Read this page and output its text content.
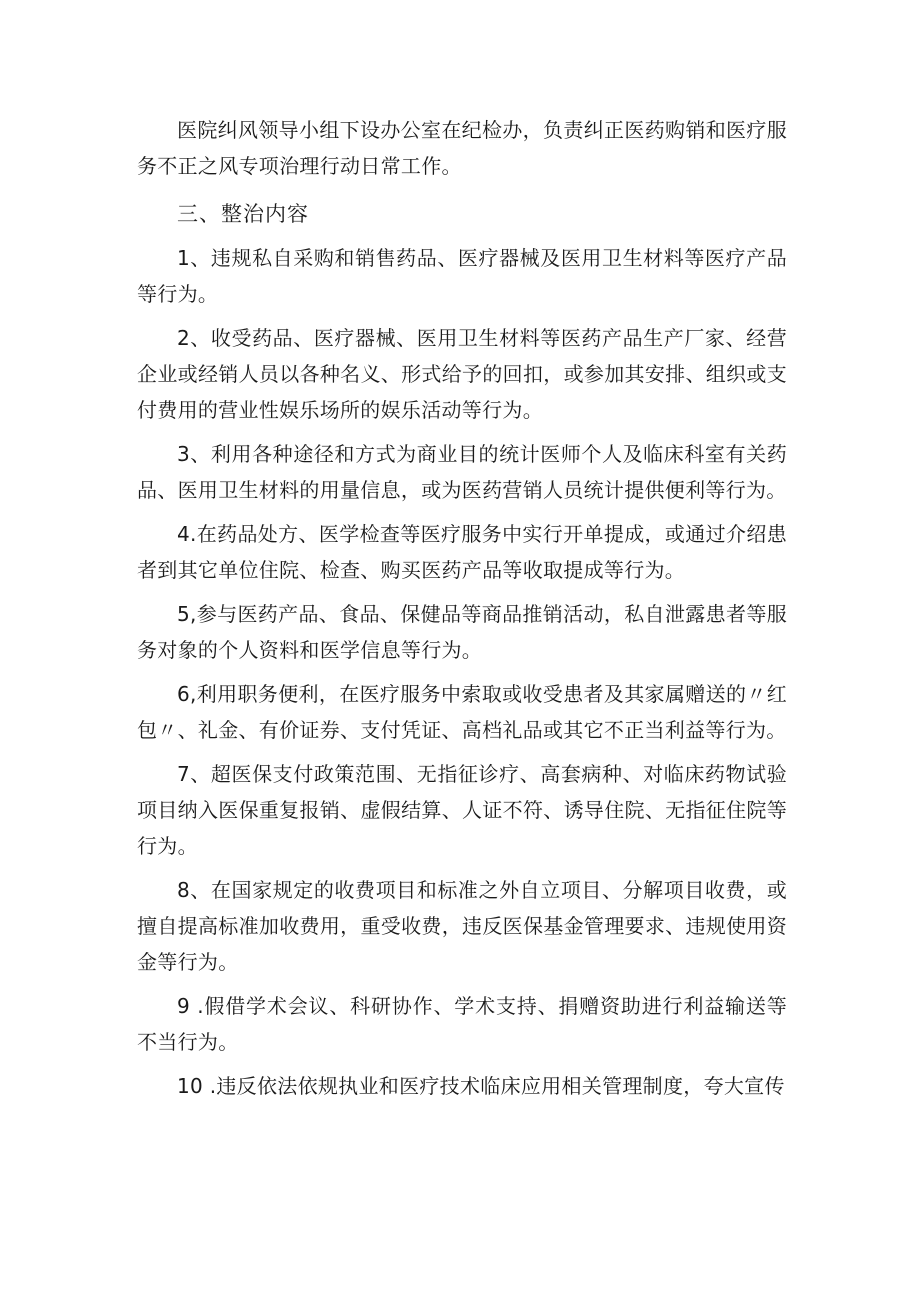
医院纠风领导小组下设办公室在纪检办，负责纠正医药购销和医疗服务不正之风专项治理行动日常工作。

三、整治内容

1、违规私自采购和销售药品、医疗器械及医用卫生材料等医疗产品等行为。

2、收受药品、医疗器械、医用卫生材料等医药产品生产厂家、经营企业或经销人员以各种名义、形式给予的回扣，或参加其安排、组织或支付费用的营业性娱乐场所的娱乐活动等行为。

3、利用各种途径和方式为商业目的统计医师个人及临床科室有关药品、医用卫生材料的用量信息，或为医药营销人员统计提供便利等行为。

4.在药品处方、医学检查等医疗服务中实行开单提成，或通过介绍患者到其它单位住院、检查、购买医药产品等收取提成等行为。

5,参与医药产品、食品、保健品等商品推销活动，私自泄露患者等服务对象的个人资料和医学信息等行为。

6,利用职务便利，在医疗服务中索取或收受患者及其家属赠送的〃红包〃、礼金、有价证券、支付凭证、高档礼品或其它不正当利益等行为。

7、超医保支付政策范围、无指征诊疗、高套病种、对临床药物试验项目纳入医保重复报销、虚假结算、人证不符、诱导住院、无指征住院等行为。

8、在国家规定的收费项目和标准之外自立项目、分解项目收费，或擅自提高标准加收费用，重受收费，违反医保基金管理要求、违规使用资金等行为。

9 .假借学术会议、科研协作、学术支持、捐赠资助进行利益输送等不当行为。

10 .违反依法依规执业和医疗技术临床应用相关管理制度，夸大宣传
